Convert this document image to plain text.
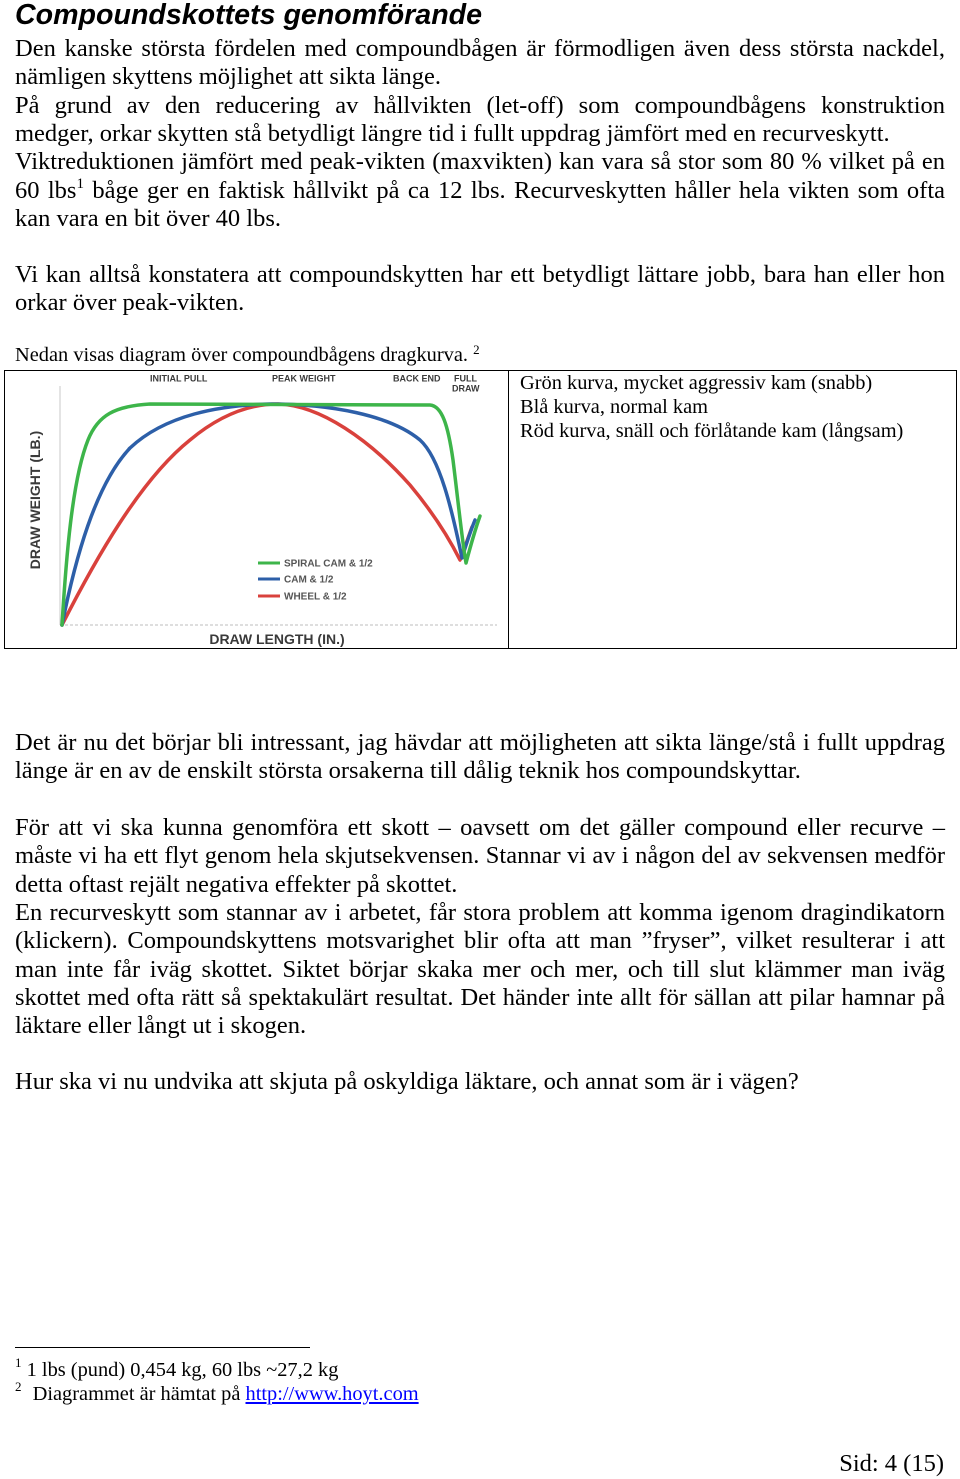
Compoundskottets genomförande
Den kanske största fördelen med compoundbågen är förmodligen även dess största nackdel,
nämligen skyttens möjlighet att sikta länge.
På grund av den reducering av hållvikten (let-off) som compoundbågens konstruktion
medger, orkar skytten stå betydligt längre tid i fullt uppdrag jämfört med en recurveskytt.
Viktreduktionen jämfört med peak-vikten (maxvikten) kan vara så stor som 80 % vilket på en
60 lbs$^1$ båge ger en faktisk hållvikt på ca 12 lbs. Recurveskytten håller hela vikten som ofta
kan vara en bit över 40 lbs.
Vi kan alltså konstatera att compoundskytten har ett betydligt lättare jobb, bara han eller hon
orkar över peak-vikten.
Nedan visas diagram över compoundbågens dragkurva. $^2$
INITIAL PULL	PEAK WEIGHT	BACK END FULL DRAW
SPIRAL CAM & 1/2
CAM & 1/2
WHEEL & 1/2
DRAW WEIGHT (LB.)
DRAW LENGTH (IN.)
Grön kurva, mycket aggressiv kam (snabb)
Blå kurva, normal kam
Röd kurva, snäll och förlåtande kam (långsam)
Det är nu det börjar bli intressant, jag hävdar att möjligheten att sikta länge/stå i fullt uppdrag
länge är en av de enskilt största orsakerna till dålig teknik hos compoundskyttar.
För att vi ska kunna genomföra ett skott – oavsett om det gäller compound eller recurve –
måste vi ha ett flyt genom hela skjutsekvensen. Stannar vi av i någon del av sekvensen medför
detta oftast rejält negativa effekter på skottet.
En recurveskytt som stannar av i arbetet, får stora problem att komma igenom dragindikatorn
(klickern). Compoundskyttens motsvarighet blir ofta att man ”fryser”, vilket resulterar i att
man inte får iväg skottet. Siktet börjar skaka mer och mer, och till slut klämmer man iväg
skottet med ofta rätt så spektakulärt resultat. Det händer inte allt för sällan att pilar hamnar på
läktare eller långt ut i skogen.
Hur ska vi nu undvika att skjuta på oskyldiga läktare, och annat som är i vägen?
$^1$ 1 lbs (pund) 0,454 kg, 60 lbs ~27,2 kg
$^2$ Diagrammet är hämtat på http://www.hoyt.com
Sid: 4 (15)
